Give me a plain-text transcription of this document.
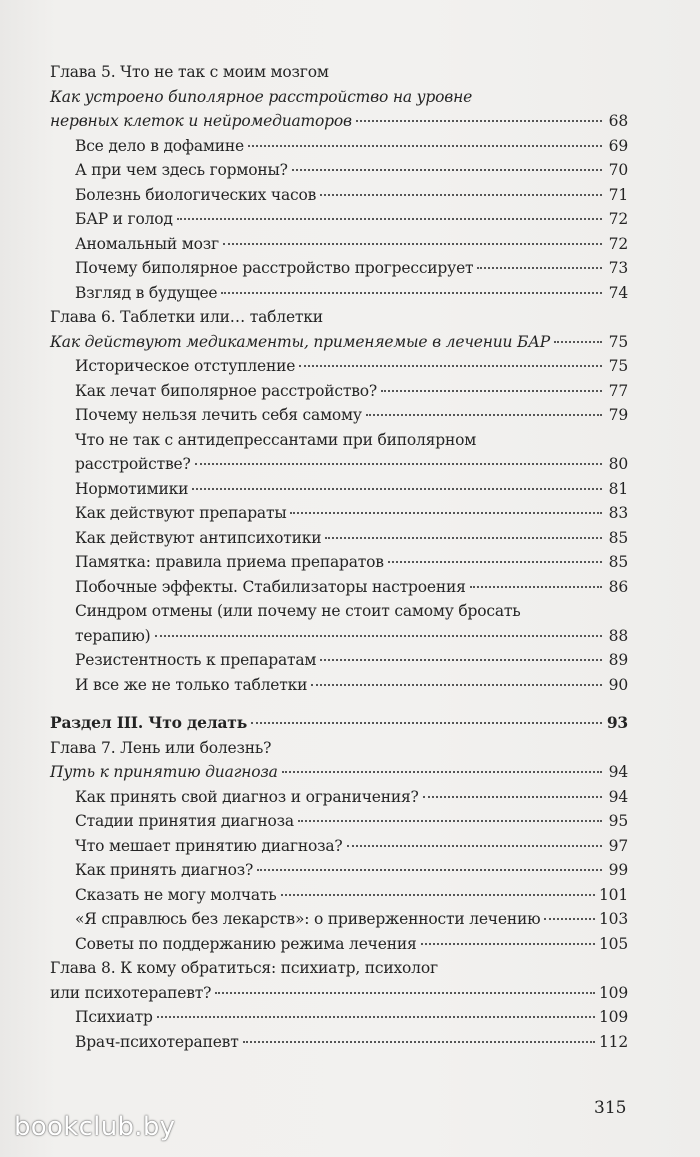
Глава 5. Что не так с моим мозгом
Как устроено биполярное расстройство на уровне
нервных клеток и нейромедиаторов	68
Все дело в дофамине	69
А при чем здесь гормоны?	70
Болезнь биологических часов	71
БАР и голод	72
Аномальный мозг	72
Почему биполярное расстройство прогрессирует	73
Взгляд в будущее	74
Глава 6. Таблетки или… таблетки
Как действуют медикаменты, применяемые в лечении БАР	75
Историческое отступление	75
Как лечат биполярное расстройство?	77
Почему нельзя лечить себя самому	79
Что не так с антидепрессантами при биполярном
расстройстве?	80
Нормотимики	81
Как действуют препараты	83
Как действуют антипсихотики	85
Памятка: правила приема препаратов	85
Побочные эффекты. Стабилизаторы настроения	86
Синдром отмены (или почему не стоит самому бросать
терапию)	88
Резистентность к препаратам	89
И все же не только таблетки	90
Раздел III. Что делать	93
Глава 7. Лень или болезнь?
Путь к принятию диагноза	94
Как принять свой диагноз и ограничения?	94
Стадии принятия диагноза	95
Что мешает принятию диагноза?	97
Как принять диагноз?	99
Сказать не могу молчать	101
«Я справлюсь без лекарств»: о приверженности лечению	103
Советы по поддержанию режима лечения	105
Глава 8. К кому обратиться: психиатр, психолог
или психотерапевт?	109
Психиатр	109
Врач-психотерапевт	112
315
bookclub.by
